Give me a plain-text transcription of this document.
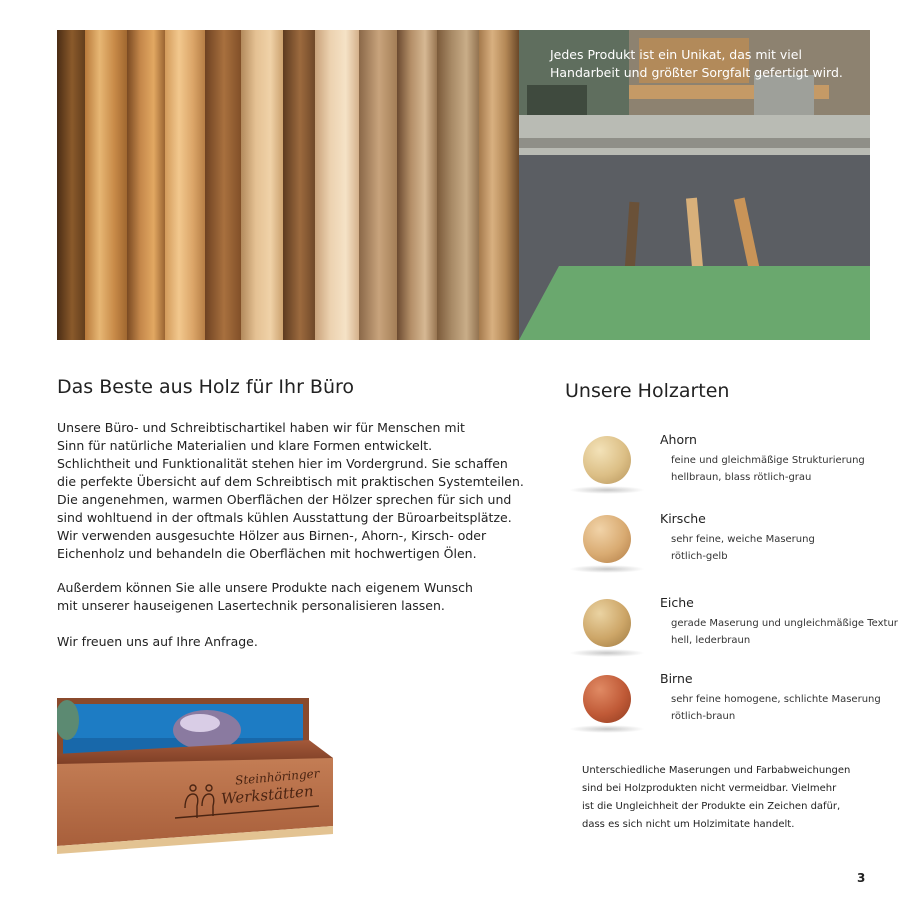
Jedes Produkt ist ein Unikat, das mit viel
Handarbeit und größter Sorgfalt gefertigt wird.
Das Beste aus Holz für Ihr Büro
Unsere Büro- und Schreibtischartikel haben wir für Menschen mit
Sinn für natürliche Materialien und klare Formen entwickelt.
Schlichtheit und Funktionalität stehen hier im Vordergrund. Sie schaffen
die perfekte Übersicht auf dem Schreibtisch mit praktischen Systemteilen.
Die angenehmen, warmen Oberflächen der Hölzer sprechen für sich und
sind wohltuend in der oftmals kühlen Ausstattung der Büroarbeitsplätze.
Wir verwenden ausgesuchte Hölzer aus Birnen-, Ahorn-, Kirsch- oder
Eichenholz und behandeln die Oberflächen mit hochwertigen Ölen.
Außerdem können Sie alle unsere Produkte nach eigenem Wunsch
mit unserer hauseigenen Lasertechnik personalisieren lassen.
Wir freuen uns auf Ihre Anfrage.
Steinhöringer
Werkstätten
Unsere Holzarten
Ahorn
feine und gleichmäßige Strukturierung
hellbraun, blass rötlich-grau
Kirsche
sehr feine, weiche Maserung
rötlich-gelb
Eiche
gerade Maserung und ungleichmäßige Textur
hell, lederbraun
Birne
sehr feine homogene, schlichte Maserung
rötlich-braun
Unterschiedliche Maserungen und Farbabweichungen
sind bei Holzprodukten nicht vermeidbar. Vielmehr
ist die Ungleichheit der Produkte ein Zeichen dafür,
dass es sich nicht um Holzimitate handelt.
3
